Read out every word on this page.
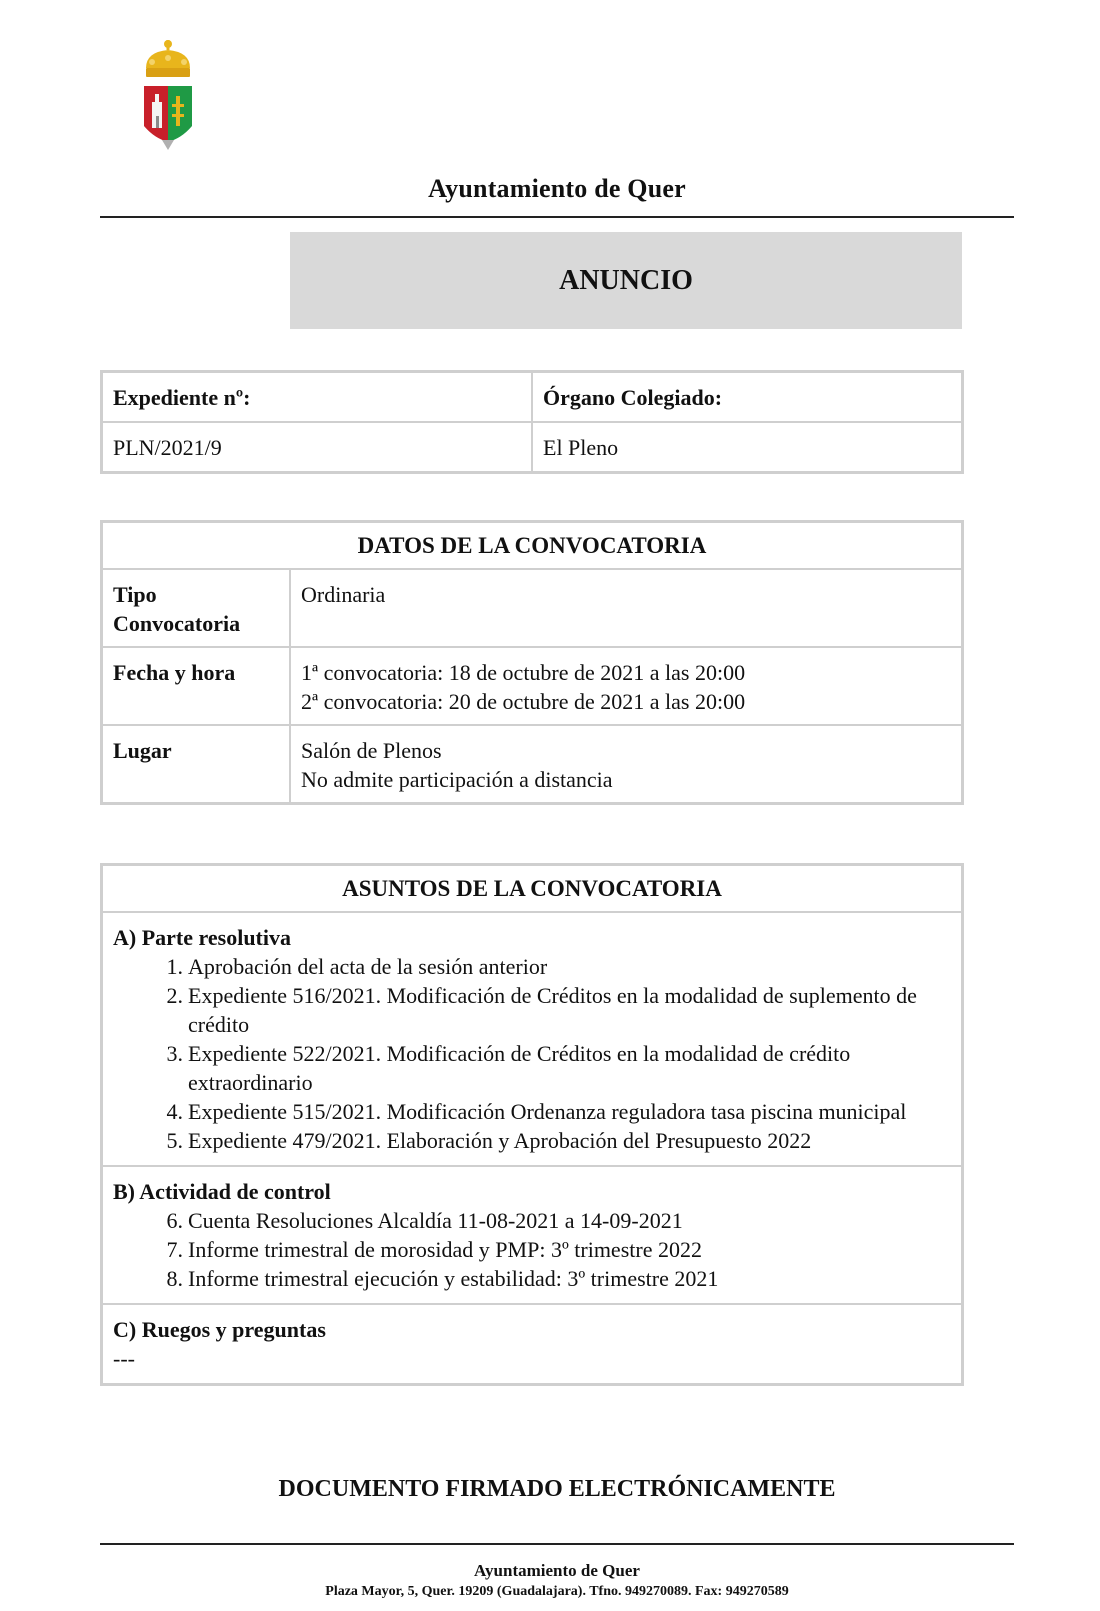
Ayuntamiento de Quer
ANUNCIO
Expediente nº:	Órgano Colegiado:
PLN/2021/9	El Pleno
DATOS DE LA CONVOCATORIA	
Tipo Convocatoria	Ordinaria
Fecha y hora	1ª convocatoria: 18 de octubre de 2021 a las 20:00
2ª convocatoria: 20 de octubre de 2021 a las 20:00

Lugar	Salón de Plenos
No admite participación a distancia
ASUNTOS DE LA CONVOCATORIA

A) Parte resolutiva
1. Aprobación del acta de la sesión anterior
2. Expediente 516/2021. Modificación de Créditos en la modalidad de suplemento de crédito
3. Expediente 522/2021. Modificación de Créditos en la modalidad de crédito extraordinario
4. Expediente 515/2021. Modificación Ordenanza reguladora tasa piscina municipal
5. Expediente 479/2021. Elaboración y Aprobación del Presupuesto 2022

B) Actividad de control
6. Cuenta Resoluciones Alcaldía 11-08-2021 a 14-09-2021
7. Informe trimestral de morosidad y PMP: 3º trimestre 2022
8. Informe trimestral ejecución y estabilidad: 3º trimestre 2021

C) Ruegos y preguntas
---
DOCUMENTO FIRMADO ELECTRÓNICAMENTE
Ayuntamiento de Quer
Plaza Mayor, 5, Quer. 19209 (Guadalajara). Tfno. 949270089. Fax: 949270589
